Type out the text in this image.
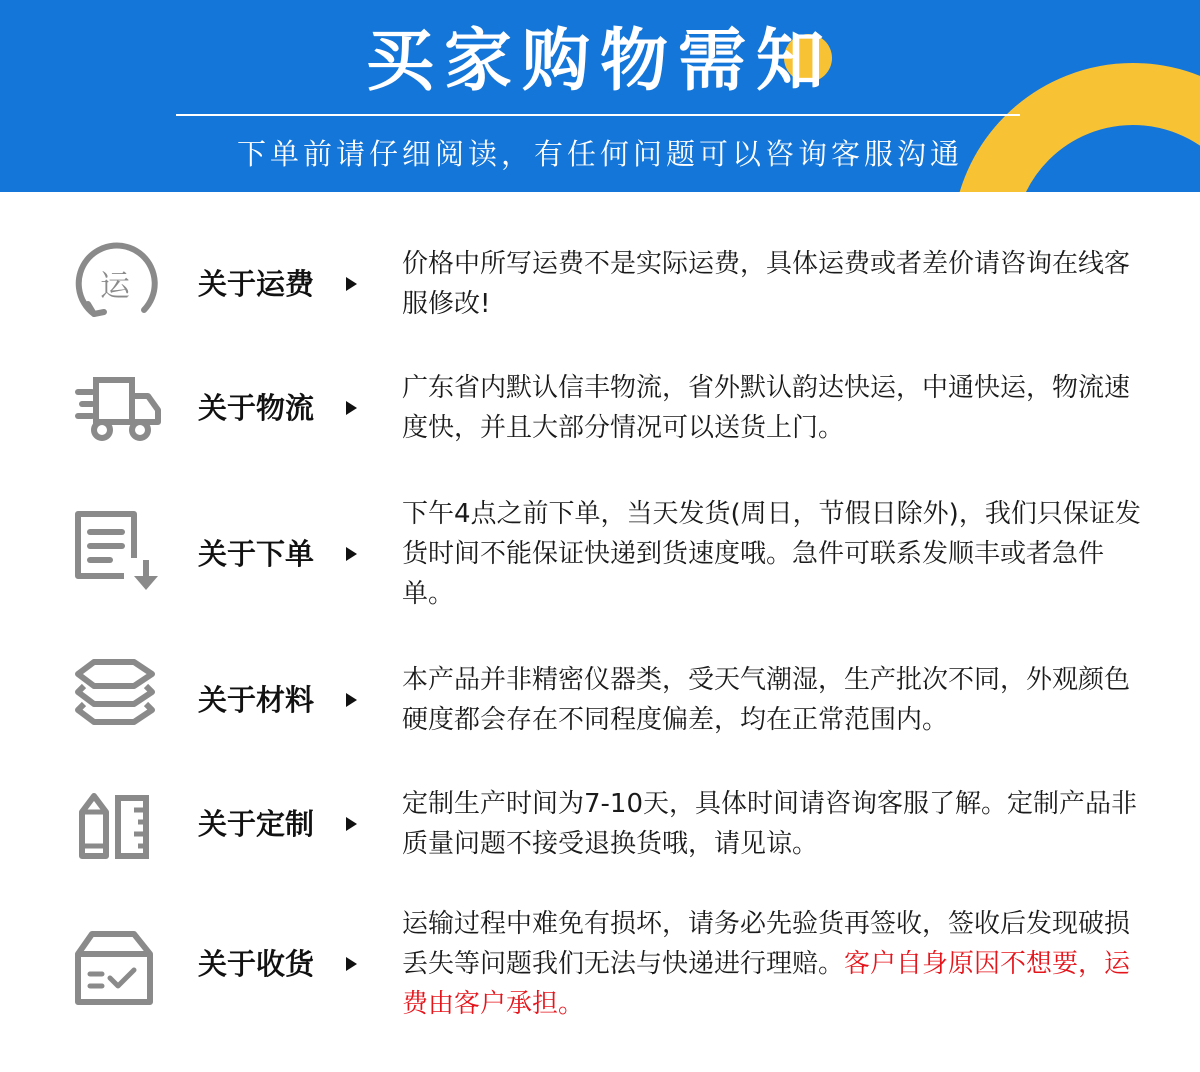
买家购物需知
下单前请仔细阅读，有任何问题可以咨询客服沟通
运 关于运费
价格中所写运费不是实际运费，具体运费或者差价请咨询在线客服修改!
关于物流
广东省内默认信丰物流，省外默认韵达快运，中通快运，物流速度快，并且大部分情况可以送货上门。
关于下单
下午4点之前下单，当天发货(周日，节假日除外)，我们只保证发货时间不能保证快递到货速度哦。急件可联系发顺丰或者急件单。
关于材料
本产品并非精密仪器类，受天气潮湿，生产批次不同，外观颜色硬度都会存在不同程度偏差，均在正常范围内。
关于定制
定制生产时间为7-10天，具体时间请咨询客服了解。定制产品非质量问题不接受退换货哦，请见谅。
关于收货
运输过程中难免有损坏，请务必先验货再签收，签收后发现破损丢失等问题我们无法与快递进行理赔。客户自身原因不想要，运费由客户承担。
